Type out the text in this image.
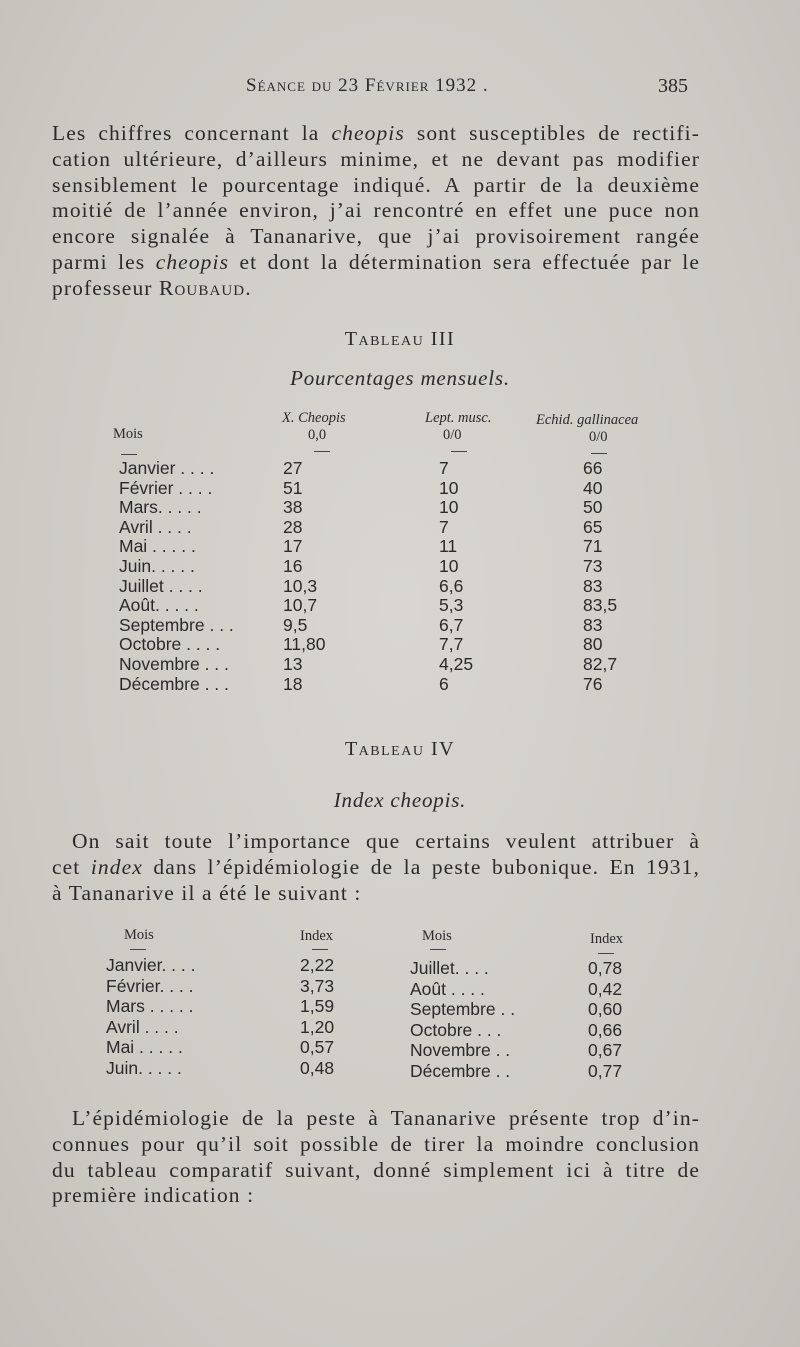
Séance du 23 Février 1932 .	385
Les chiffres concernant la cheopis sont susceptibles de rectifi-
cation ultérieure, d’ailleurs minime, et ne devant pas modifier
sensiblement le pourcentage indiqué. A partir de la deuxième
moitié de l’année environ, j’ai rencontré en effet une puce non
encore signalée à Tananarive, que j’ai provisoirement rangée
parmi les cheopis et dont la détermination sera effectuée par le
professeur Roubaud.
Tableau III
Pourcentages mensuels.
Mois
X. Cheopis	Lept. musc.	Echid. gallinacea
0,0	0/0	0/0
Janvier . . . .	27	7	66
Février . . . .	51	10	40
Mars. . . . .	38	10	50
Avril . . . .	28	7	65
Mai . . . . .	17	11	71
Juin. . . . .	16	10	73
Juillet . . . .	10,3	6,6	83
Août. . . . .	10,7	5,3	83,5
Septembre . . .	9,5	6,7	83
Octobre . . . .	11,80	7,7	80
Novembre . . .	13	4,25	82,7
Décembre . . .	18	6	76
Tableau IV
Index cheopis.
On sait toute l’importance que certains veulent attribuer à
cet index dans l’épidémiologie de la peste bubonique. En 1931,
à Tananarive il a été le suivant :
Mois	Index	Mois	Index
Janvier. . . .	2,22
Février. . . .	3,73
Mars . . . . .	1,59
Avril . . . .	1,20
Mai . . . . .	0,57
Juin. . . . .	0,48
Juillet. . . .	0,78
Août . . . .	0,42
Septembre . .	0,60
Octobre . . .	0,66
Novembre . .	0,67
Décembre . .	0,77
L’épidémiologie de la peste à Tananarive présente trop d’in-
connues pour qu’il soit possible de tirer la moindre conclusion
du tableau comparatif suivant, donné simplement ici à titre de
première indication :
